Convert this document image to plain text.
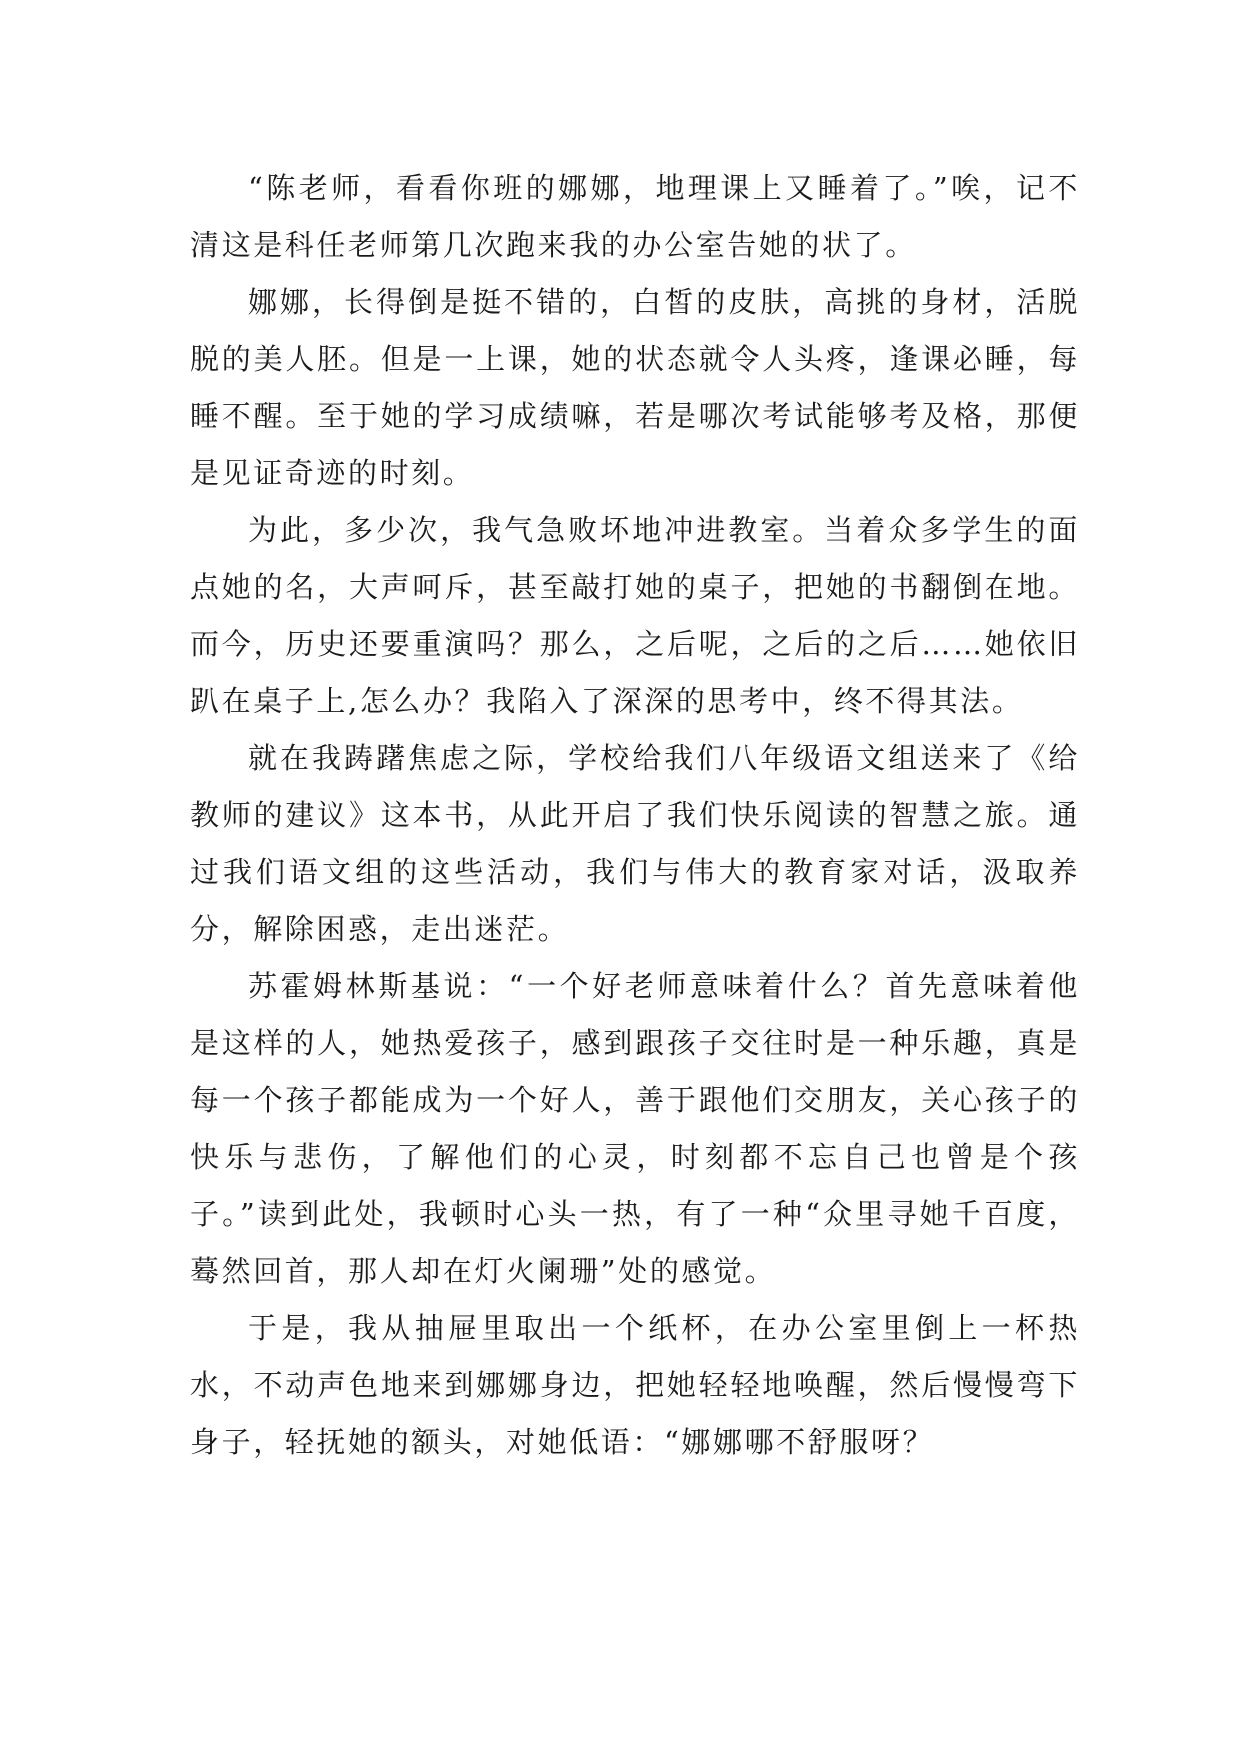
“陈老师，看看你班的娜娜，地理课上又睡着了。”唉，记不清这是科任老师第几次跑来我的办公室告她的状了。

娜娜，长得倒是挺不错的，白皙的皮肤，高挑的身材，活脱脱的美人胚。但是一上课，她的状态就令人头疼，逢课必睡，每睡不醒。至于她的学习成绩嘛，若是哪次考试能够考及格，那便是见证奇迹的时刻。

为此，多少次，我气急败坏地冲进教室。当着众多学生的面点她的名，大声呵斥，甚至敲打她的桌子，把她的书翻倒在地。而今，历史还要重演吗？那么，之后呢，之后的之后……她依旧趴在桌子上,怎么办？我陷入了深深的思考中，终不得其法。

就在我踌躇焦虑之际，学校给我们八年级语文组送来了《给教师的建议》这本书，从此开启了我们快乐阅读的智慧之旅。通过我们语文组的这些活动，我们与伟大的教育家对话，汲取养分，解除困惑，走出迷茫。

苏霍姆林斯基说：“一个好老师意味着什么？首先意味着他是这样的人，她热爱孩子，感到跟孩子交往时是一种乐趣，真是每一个孩子都能成为一个好人，善于跟他们交朋友，关心孩子的快乐与悲伤，了解他们的心灵，时刻都不忘自己也曾是个孩子。”读到此处，我顿时心头一热，有了一种“众里寻她千百度，蓦然回首，那人却在灯火阑珊”处的感觉。

于是，我从抽屉里取出一个纸杯，在办公室里倒上一杯热水，不动声色地来到娜娜身边，把她轻轻地唤醒，然后慢慢弯下身子，轻抚她的额头，对她低语：“娜娜哪不舒服呀？
